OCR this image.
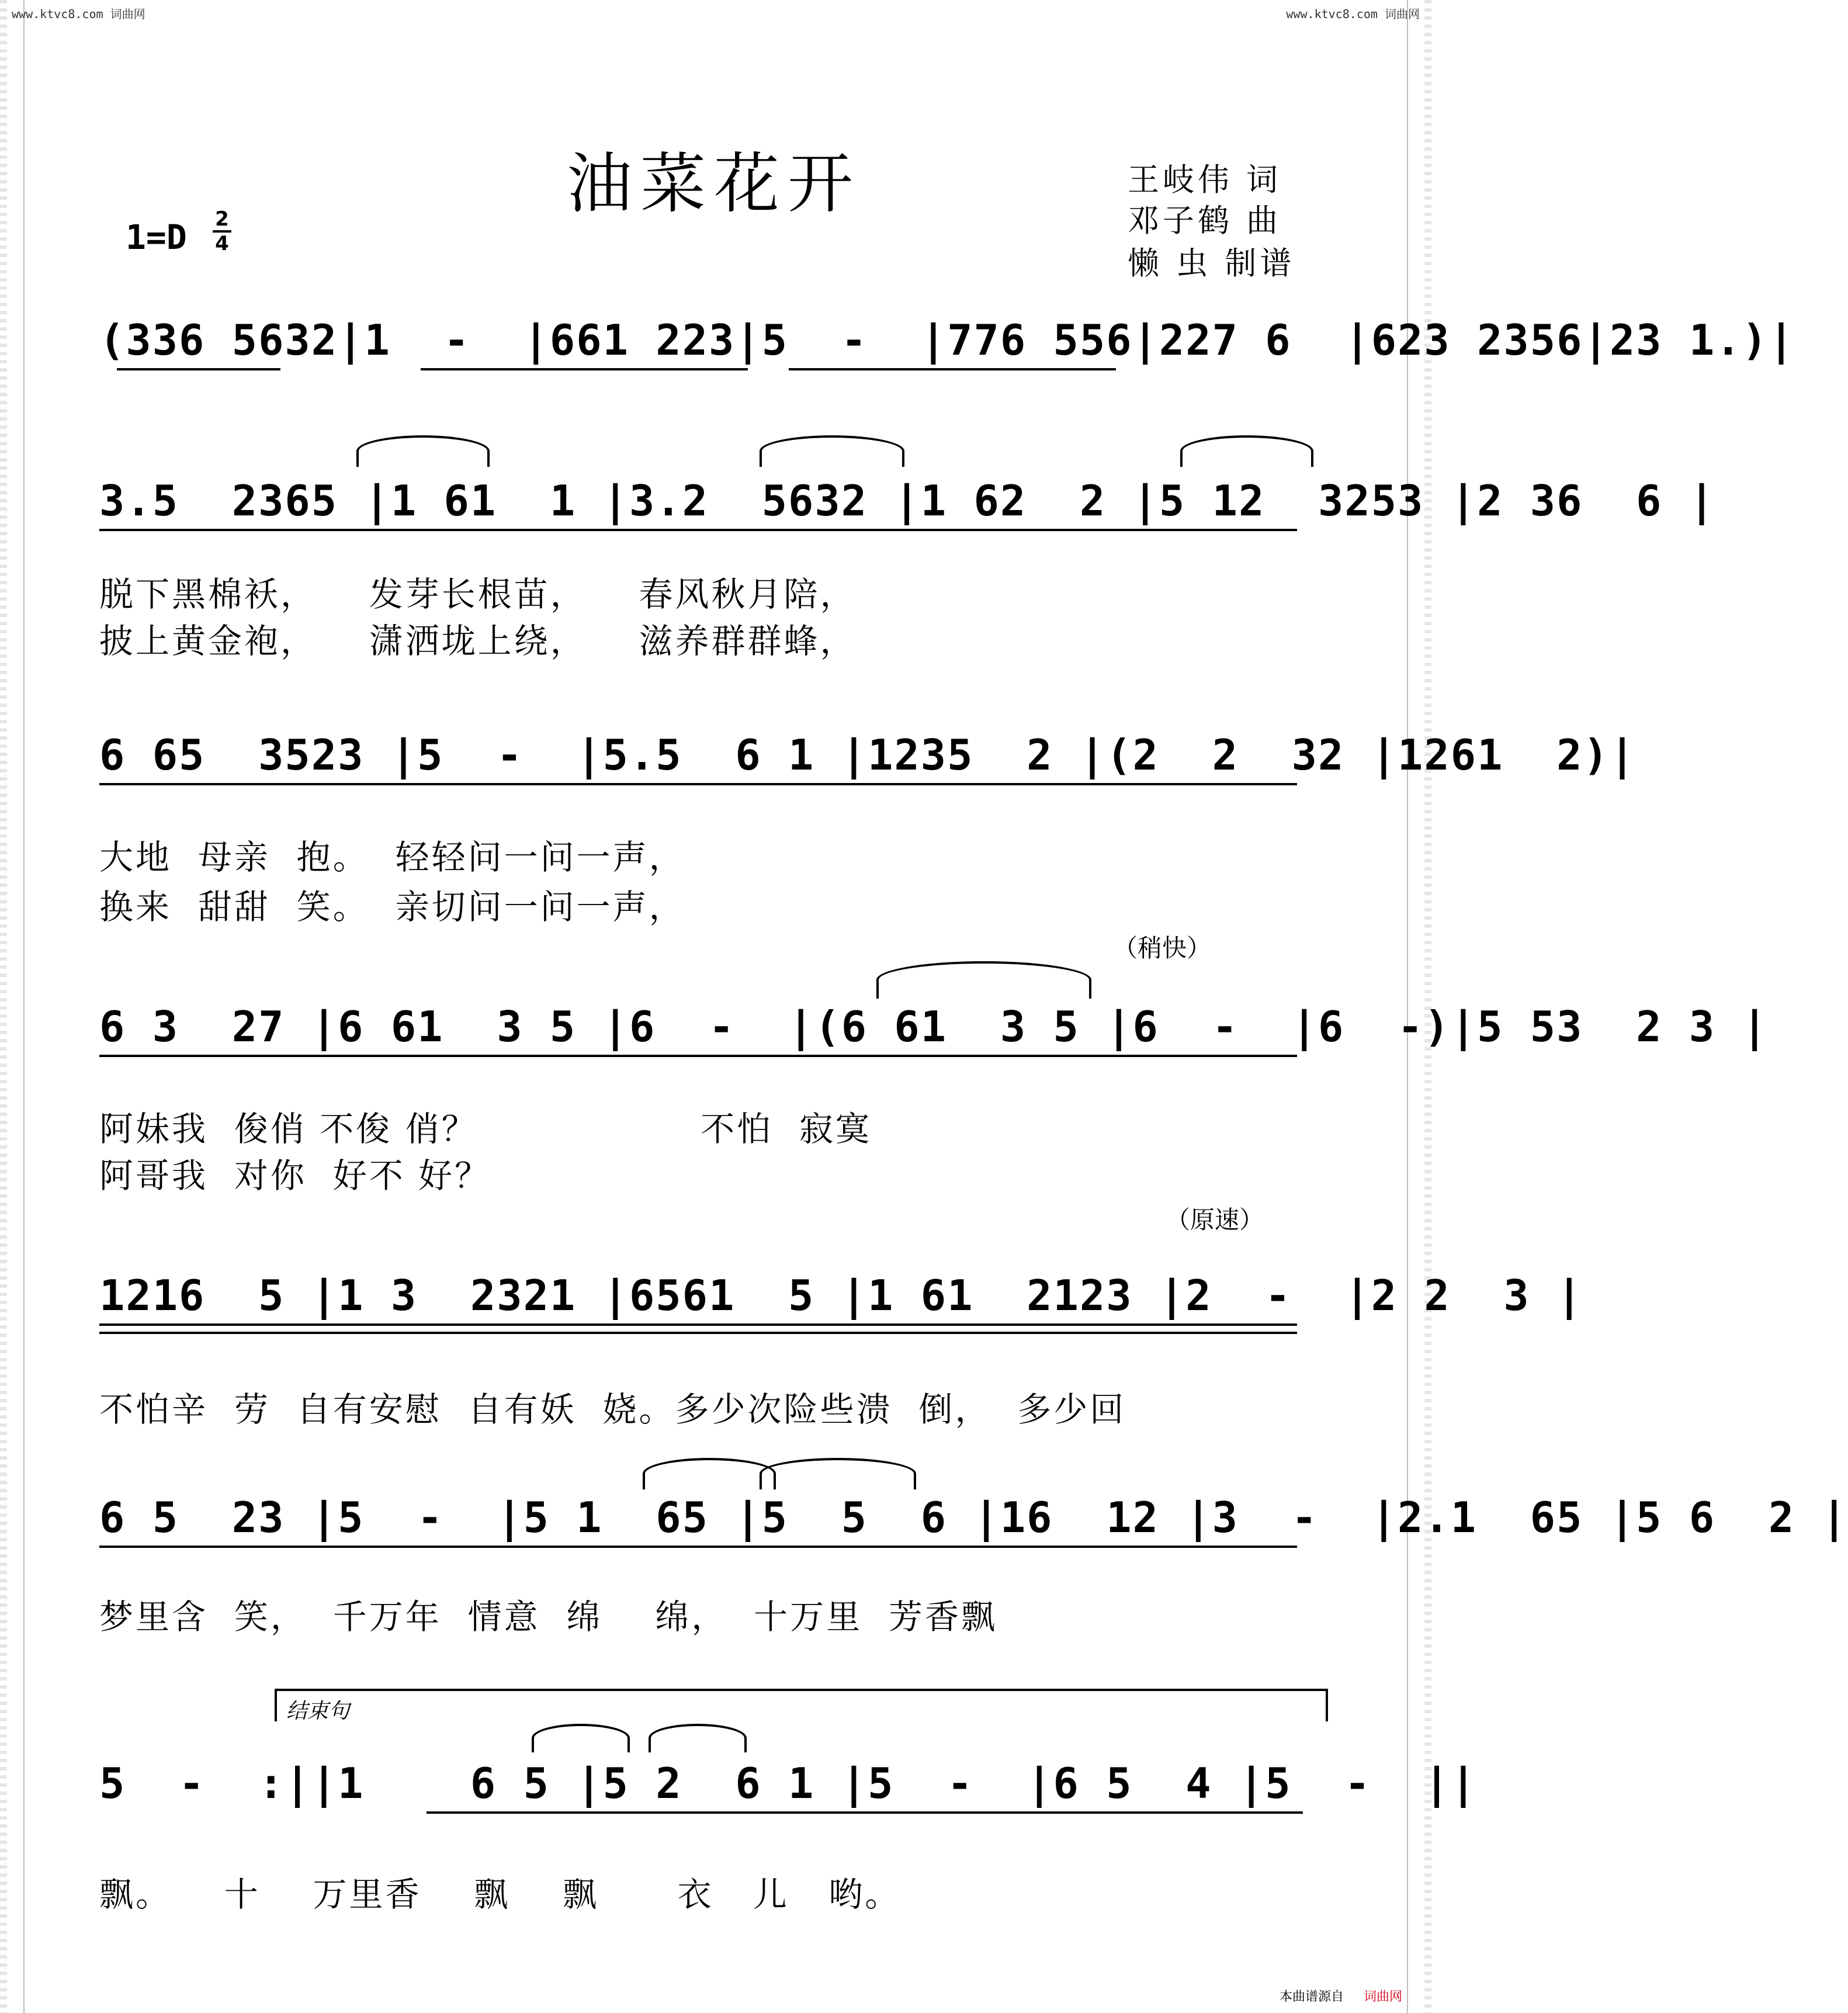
www.ktvc8.com 词曲网	www.ktvc8.com 词曲网
油菜花开	王岐伟 词
邓子鹤 曲
懒 虫 制谱
1=D 2
4
(336 5632|1  -  |661 223|5  -  |776 556|227 6  |623 2356|23 1.)|
3.5  2365 |1 61  1 |3.2  5632 |1 62  2 |5 12  3253 |2 36  6 |
脱下黑棉袄，    发芽长根苗，    春风秋月陪，
披上黄金袍，    潇洒垅上绕，    滋养群群蜂，
6 65  3523 |5  -  |5.5  6 1 |1235  2 |(2  2  32 |1261  2)|
大地  母亲  抱。  轻轻问一问一声，
换来  甜甜  笑。  亲切问一问一声，
（稍快）
6 3  27 |6 61  3 5 |6  -  |(6 61  3 5 |6  -  |6  -)|5 53  2 3 |
阿妹我  俊俏 不俊 俏？                 不怕  寂寞
阿哥我  对你  好不 好？
（原速）
1216  5 |1 3  2321 |6561  5 |1 61  2123 |2  -  |2 2  3 |
不怕辛  劳  自有安慰  自有妖  娆。多少次险些溃  倒，  多少回
6 5  23 |5  -  |5 1  65 |5  5  6 |16  12 |3  -  |2.1  65 |5 6  2 |
梦里含  笑，  千万年  情意  绵    绵，  十万里  芳香飘
结束句
5  -  :||1    6 5 |5 2  6 1 |5  -  |6 5  4 |5  -  ||
飘。    十    万里香    飘    飘      衣   儿   哟。
本曲谱源自 词曲网
